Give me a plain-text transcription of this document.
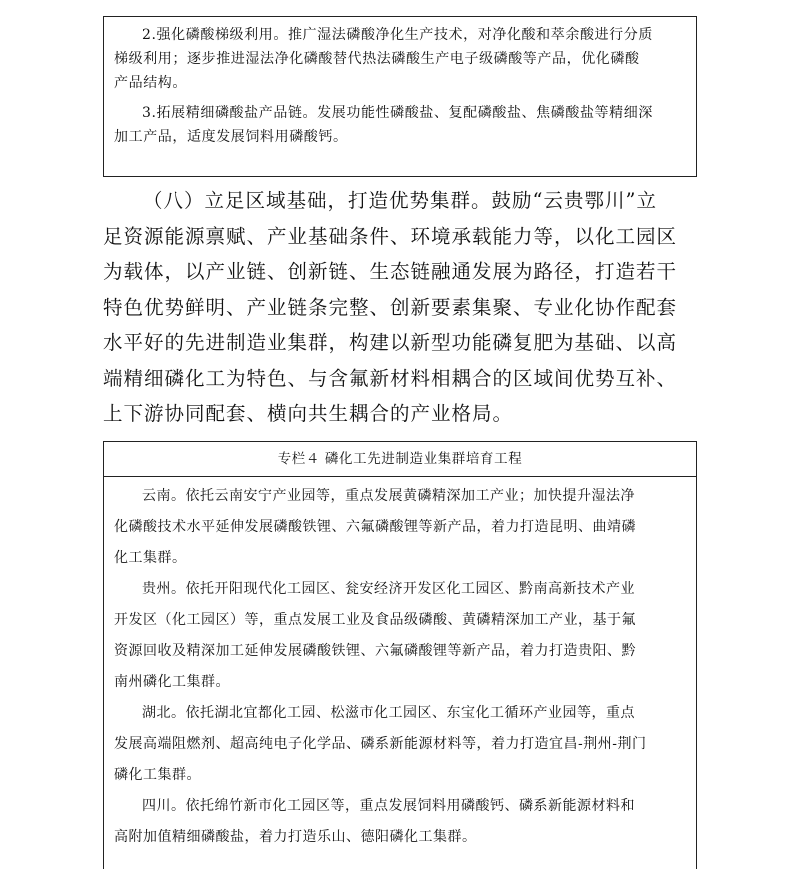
2.强化磷酸梯级利用。推广湿法磷酸净化生产技术，对净化酸和萃余酸进行分质

梯级利用；逐步推进湿法净化磷酸替代热法磷酸生产电子级磷酸等产品，优化磷酸

产品结构。

3.拓展精细磷酸盐产品链。发展功能性磷酸盐、复配磷酸盐、焦磷酸盐等精细深

加工产品，适度发展饲料用磷酸钙。

（八）立足区域基础，打造优势集群。鼓励“云贵鄂川”立
足资源能源禀赋、产业基础条件、环境承载能力等，以化工园区
为载体，以产业链、创新链、生态链融通发展为路径，打造若干
特色优势鲜明、产业链条完整、创新要素集聚、专业化协作配套
水平好的先进制造业集群，构建以新型功能磷复肥为基础、以高
端精细磷化工为特色、与含氟新材料相耦合的区域间优势互补、
上下游协同配套、横向共生耦合的产业格局。
专栏４ 磷化工先进制造业集群培育工程

云南。依托云南安宁产业园等，重点发展黄磷精深加工产业；加快提升湿法净

化磷酸技术水平延伸发展磷酸铁锂、六氟磷酸锂等新产品，着力打造昆明、曲靖磷

化工集群。

贵州。依托开阳现代化工园区、瓮安经济开发区化工园区、黔南高新技术产业

开发区（化工园区）等，重点发展工业及食品级磷酸、黄磷精深加工产业，基于氟

资源回收及精深加工延伸发展磷酸铁锂、六氟磷酸锂等新产品，着力打造贵阳、黔

南州磷化工集群。

湖北。依托湖北宜都化工园、松滋市化工园区、东宝化工循环产业园等，重点

发展高端阻燃剂、超高纯电子化学品、磷系新能源材料等，着力打造宜昌-荆州-荆门

磷化工集群。

四川。依托绵竹新市化工园区等，重点发展饲料用磷酸钙、磷系新能源材料和

高附加值精细磷酸盐，着力打造乐山、德阳磷化工集群。
